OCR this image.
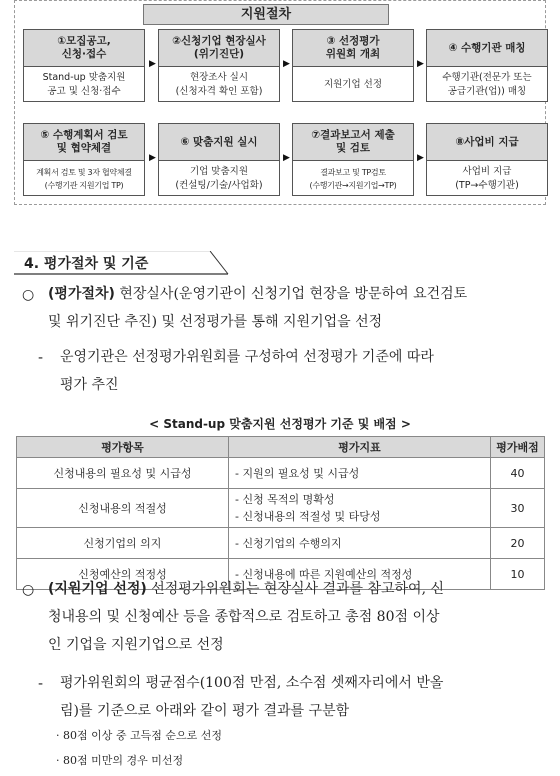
지원절차
①모집공고,
신청·접수
Stand-up 맞춤지원
공고 및 신청·접수
▶
②신청기업 현장실사
(위기진단)
현장조사 실시
(신청자격 확인 포함)
▶
③ 선정평가
위원회 개최
지원기업 선정
▶
④ 수행기관 매칭
수행기관(전문가 또는
공급기관(업)) 매칭
⑤ 수행계획서 검토
및 협약체결
계획서 검토 및 3자 협약체결
(수행기관 지원기업 TP)
▶
⑥ 맞춤지원 실시
기업 맞춤지원
(컨설팅/기술/사업화)
▶
⑦결과보고서 제출
및 검토
결과보고 및 TP검토
(수행기관→지원기업→TP)
▶
⑧사업비 지급
사업비 지급
(TP→수행기관)
4. 평가절차 및 기준
○ (평가절차) 현장실사(운영기관이 신청기업 현장을 방문하여 요건검토
및 위기진단 추진) 및 선정평가를 통해 지원기업을 선정
- 운영기관은 선정평가위원회를 구성하여 선정평가 기준에 따라
평가 추진
< Stand-up 맞춤지원 선정평가 기준 및 배점 >
평가항목	평가지표	평가배점
신청내용의 필요성 및 시급성	- 지원의 필요성 및 시급성	40
신청내용의 적절성	- 신청 목적의 명확성
- 신청내용의 적절성 및 타당성	30
신청기업의 의지	- 신청기업의 수행의지	20
신청예산의 적정성	- 신청내용에 따른 지원예산의 적정성	10
○ (지원기업 선정) 선정평가위원회는 현장실사 결과를 참고하여, 신
청내용의 및 신청예산 등을 종합적으로 검토하고 총점 80점 이상
인 기업을 지원기업으로 선정
- 평가위원회의 평균점수(100점 만점, 소수점 셋째자리에서 반올
림)를 기준으로 아래와 같이 평가 결과를 구분함
· 80점 이상 중 고득점 순으로 선정
· 80점 미만의 경우 미선정
